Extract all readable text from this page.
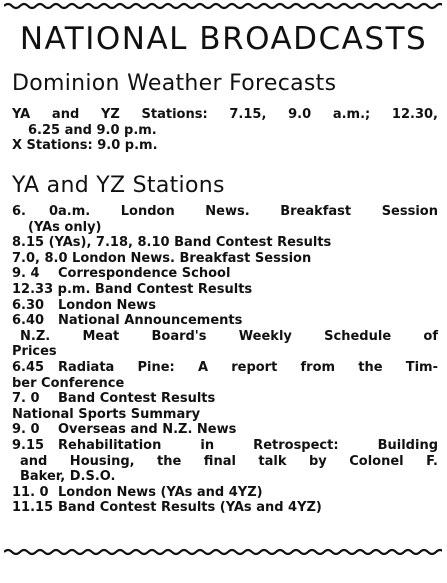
NATIONAL BROADCASTS
Dominion Weather Forecasts
YA and YZ Stations: 7.15, 9.0 a.m.; 12.30,
6.25 and 9.0 p.m.
X Stations: 9.0 p.m.
YA and YZ Stations
6. 0a.m. London News. Breakfast Session
(YAs only)
8.15 (YAs), 7.18, 8.10 Band Contest Results
7.0, 8.0 London News. Breakfast Session
9. 4 Correspondence School
12.33 p.m. Band Contest Results
6.30 London News
6.40 National Announcements
N.Z. Meat Board's Weekly Schedule of
Prices
6.45 Radiata Pine: A report from the Tim-
ber Conference
7. 0 Band Contest Results
National Sports Summary
9. 0 Overseas and N.Z. News
9.15 Rehabilitation in Retrospect: Building
and Housing, the final talk by Colonel F.
Baker, D.S.O.
11. 0 London News (YAs and 4YZ)
11.15 Band Contest Results (YAs and 4YZ)
